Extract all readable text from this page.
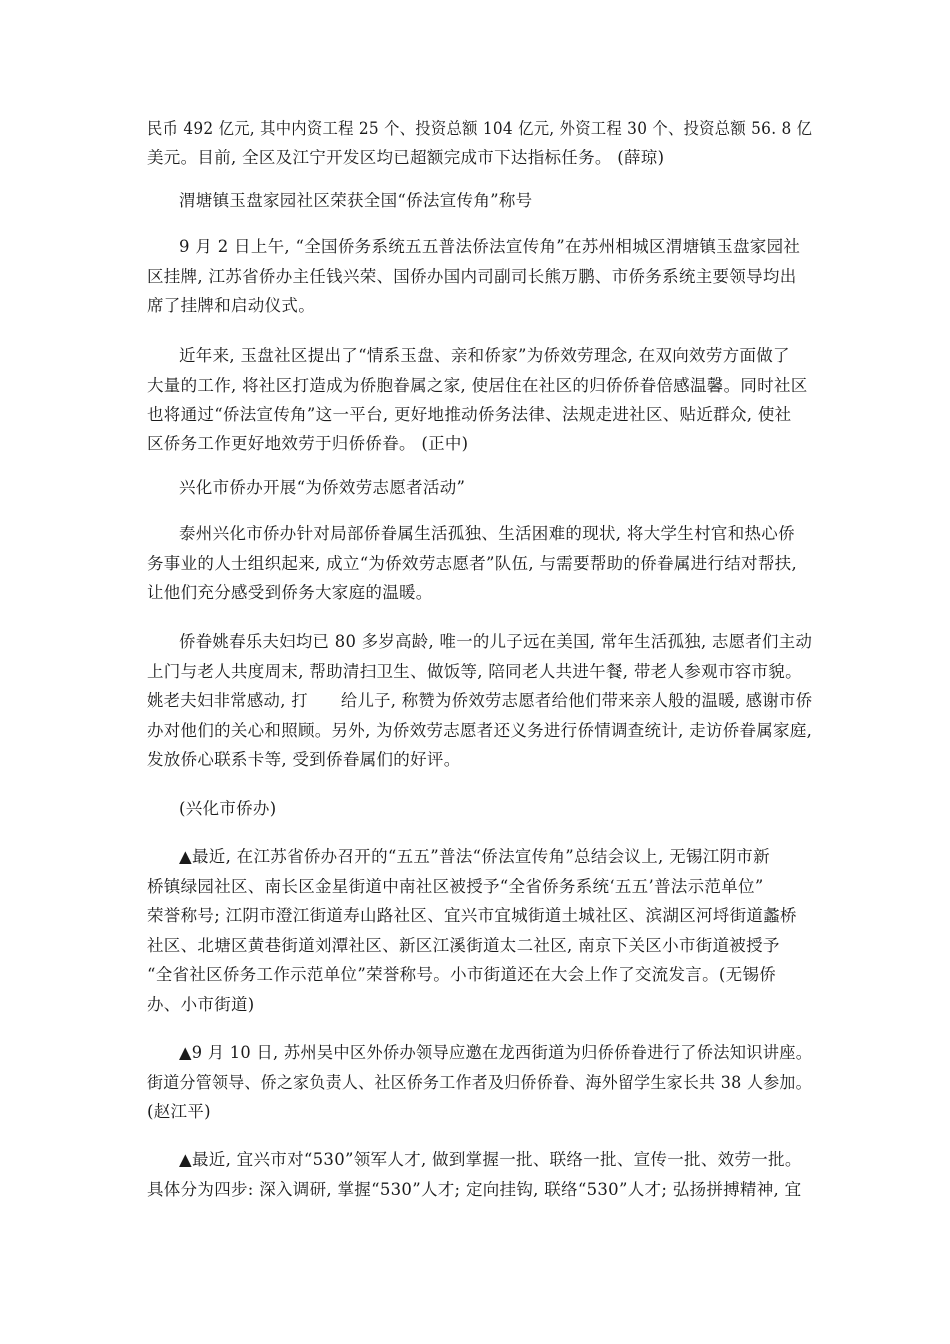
民币 492 亿元, 其中内资工程 25 个、投资总额 104 亿元, 外资工程 30 个、投资总额 56. 8 亿
美元。目前, 全区及江宁开发区均已超额完成市下达指标任务。 (薛琼)
渭塘镇玉盘家园社区荣获全国“侨法宣传角”称号
9 月 2 日上午, “全国侨务系统五五普法侨法宣传角”在苏州相城区渭塘镇玉盘家园社
区挂牌, 江苏省侨办主任钱兴荣、国侨办国内司副司长熊万鹏、市侨务系统主要领导均出
席了挂牌和启动仪式。
近年来, 玉盘社区提出了“情系玉盘、亲和侨家”为侨效劳理念, 在双向效劳方面做了
大量的工作, 将社区打造成为侨胞眷属之家, 使居住在社区的归侨侨眷倍感温馨。同时社区
也将通过“侨法宣传角”这一平台, 更好地推动侨务法律、法规走进社区、贴近群众, 使社
区侨务工作更好地效劳于归侨侨眷。 (正中)
兴化市侨办开展“为侨效劳志愿者活动”
泰州兴化市侨办针对局部侨眷属生活孤独、生活困难的现状, 将大学生村官和热心侨
务事业的人士组织起来, 成立“为侨效劳志愿者”队伍, 与需要帮助的侨眷属进行结对帮扶,
让他们充分感受到侨务大家庭的温暖。
侨眷姚春乐夫妇均已 80 多岁高龄, 唯一的儿子远在美国, 常年生活孤独, 志愿者们主动
上门与老人共度周末, 帮助清扫卫生、做饭等, 陪同老人共进午餐, 带老人参观市容市貌。
姚老夫妇非常感动, 打      给儿子, 称赞为侨效劳志愿者给他们带来亲人般的温暖, 感谢市侨
办对他们的关心和照顾。另外, 为侨效劳志愿者还义务进行侨情调查统计, 走访侨眷属家庭,
发放侨心联系卡等, 受到侨眷属们的好评。
(兴化市侨办)
▲最近, 在江苏省侨办召开的“五五”普法“侨法宣传角”总结会议上, 无锡江阴市新
桥镇绿园社区、南长区金星街道中南社区被授予“全省侨务系统‘五五’普法示范单位”
荣誉称号; 江阴市澄江街道寿山路社区、宜兴市宜城街道土城社区、滨湖区河埒街道蠡桥
社区、北塘区黄巷街道刘潭社区、新区江溪街道太二社区, 南京下关区小市街道被授予
“全省社区侨务工作示范单位”荣誉称号。小市街道还在大会上作了交流发言。(无锡侨
办、小市街道)
▲9 月 10 日, 苏州吴中区外侨办领导应邀在龙西街道为归侨侨眷进行了侨法知识讲座。
街道分管领导、侨之家负责人、社区侨务工作者及归侨侨眷、海外留学生家长共 38 人参加。
(赵江平)
▲最近, 宜兴市对“530”领军人才, 做到掌握一批、联络一批、宣传一批、效劳一批。
具体分为四步: 深入调研, 掌握“530”人才; 定向挂钩, 联络“530”人才; 弘扬拼搏精神, 宜
